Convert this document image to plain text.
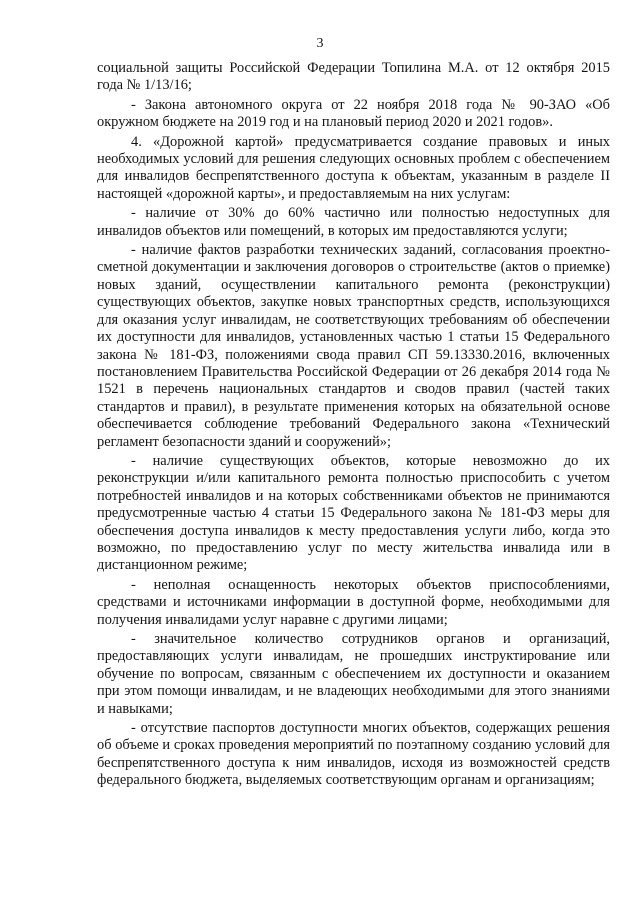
3

социальной защиты Российской Федерации Топилина М.А. от 12 октября 2015 года № 1/13/16;

- Закона автономного округа от 22 ноября 2018 года № 90-ЗАО «Об окружном бюджете на 2019 год и на плановый период 2020 и 2021 годов».

4. «Дорожной картой» предусматривается создание правовых и иных необходимых условий для решения следующих основных проблем с обеспечением для инвалидов беспрепятственного доступа к объектам, указанным в разделе II настоящей «дорожной карты», и предоставляемым на них услугам:

- наличие от 30% до 60% частично или полностью недоступных для инвалидов объектов или помещений, в которых им предоставляются услуги;

- наличие фактов разработки технических заданий, согласования проектно-сметной документации и заключения договоров о строительстве (актов о приемке) новых зданий, осуществлении капитального ремонта (реконструкции) существующих объектов, закупке новых транспортных средств, использующихся для оказания услуг инвалидам, не соответствующих требованиям об обеспечении их доступности для инвалидов, установленных частью 1 статьи 15 Федерального закона № 181-ФЗ, положениями свода правил СП 59.13330.2016, включенных постановлением Правительства Российской Федерации от 26 декабря 2014 года № 1521 в перечень национальных стандартов и сводов правил (частей таких стандартов и правил), в результате применения которых на обязательной основе обеспечивается соблюдение требований Федерального закона «Технический регламент безопасности зданий и сооружений»;

- наличие существующих объектов, которые невозможно до их реконструкции и/или капитального ремонта полностью приспособить с учетом потребностей инвалидов и на которых собственниками объектов не принимаются предусмотренные частью 4 статьи 15 Федерального закона № 181-ФЗ меры для обеспечения доступа инвалидов к месту предоставления услуги либо, когда это возможно, по предоставлению услуг по месту жительства инвалида или в дистанционном режиме;

- неполная оснащенность некоторых объектов приспособлениями, средствами и источниками информации в доступной форме, необходимыми для получения инвалидами услуг наравне с другими лицами;

- значительное количество сотрудников органов и организаций, предоставляющих услуги инвалидам, не прошедших инструктирование или обучение по вопросам, связанным с обеспечением их доступности и оказанием при этом помощи инвалидам, и не владеющих необходимыми для этого знаниями и навыками;

- отсутствие паспортов доступности многих объектов, содержащих решения об объеме и сроках проведения мероприятий по поэтапному созданию условий для беспрепятственного доступа к ним инвалидов, исходя из возможностей средств федерального бюджета, выделяемых соответствующим органам и организациям;
